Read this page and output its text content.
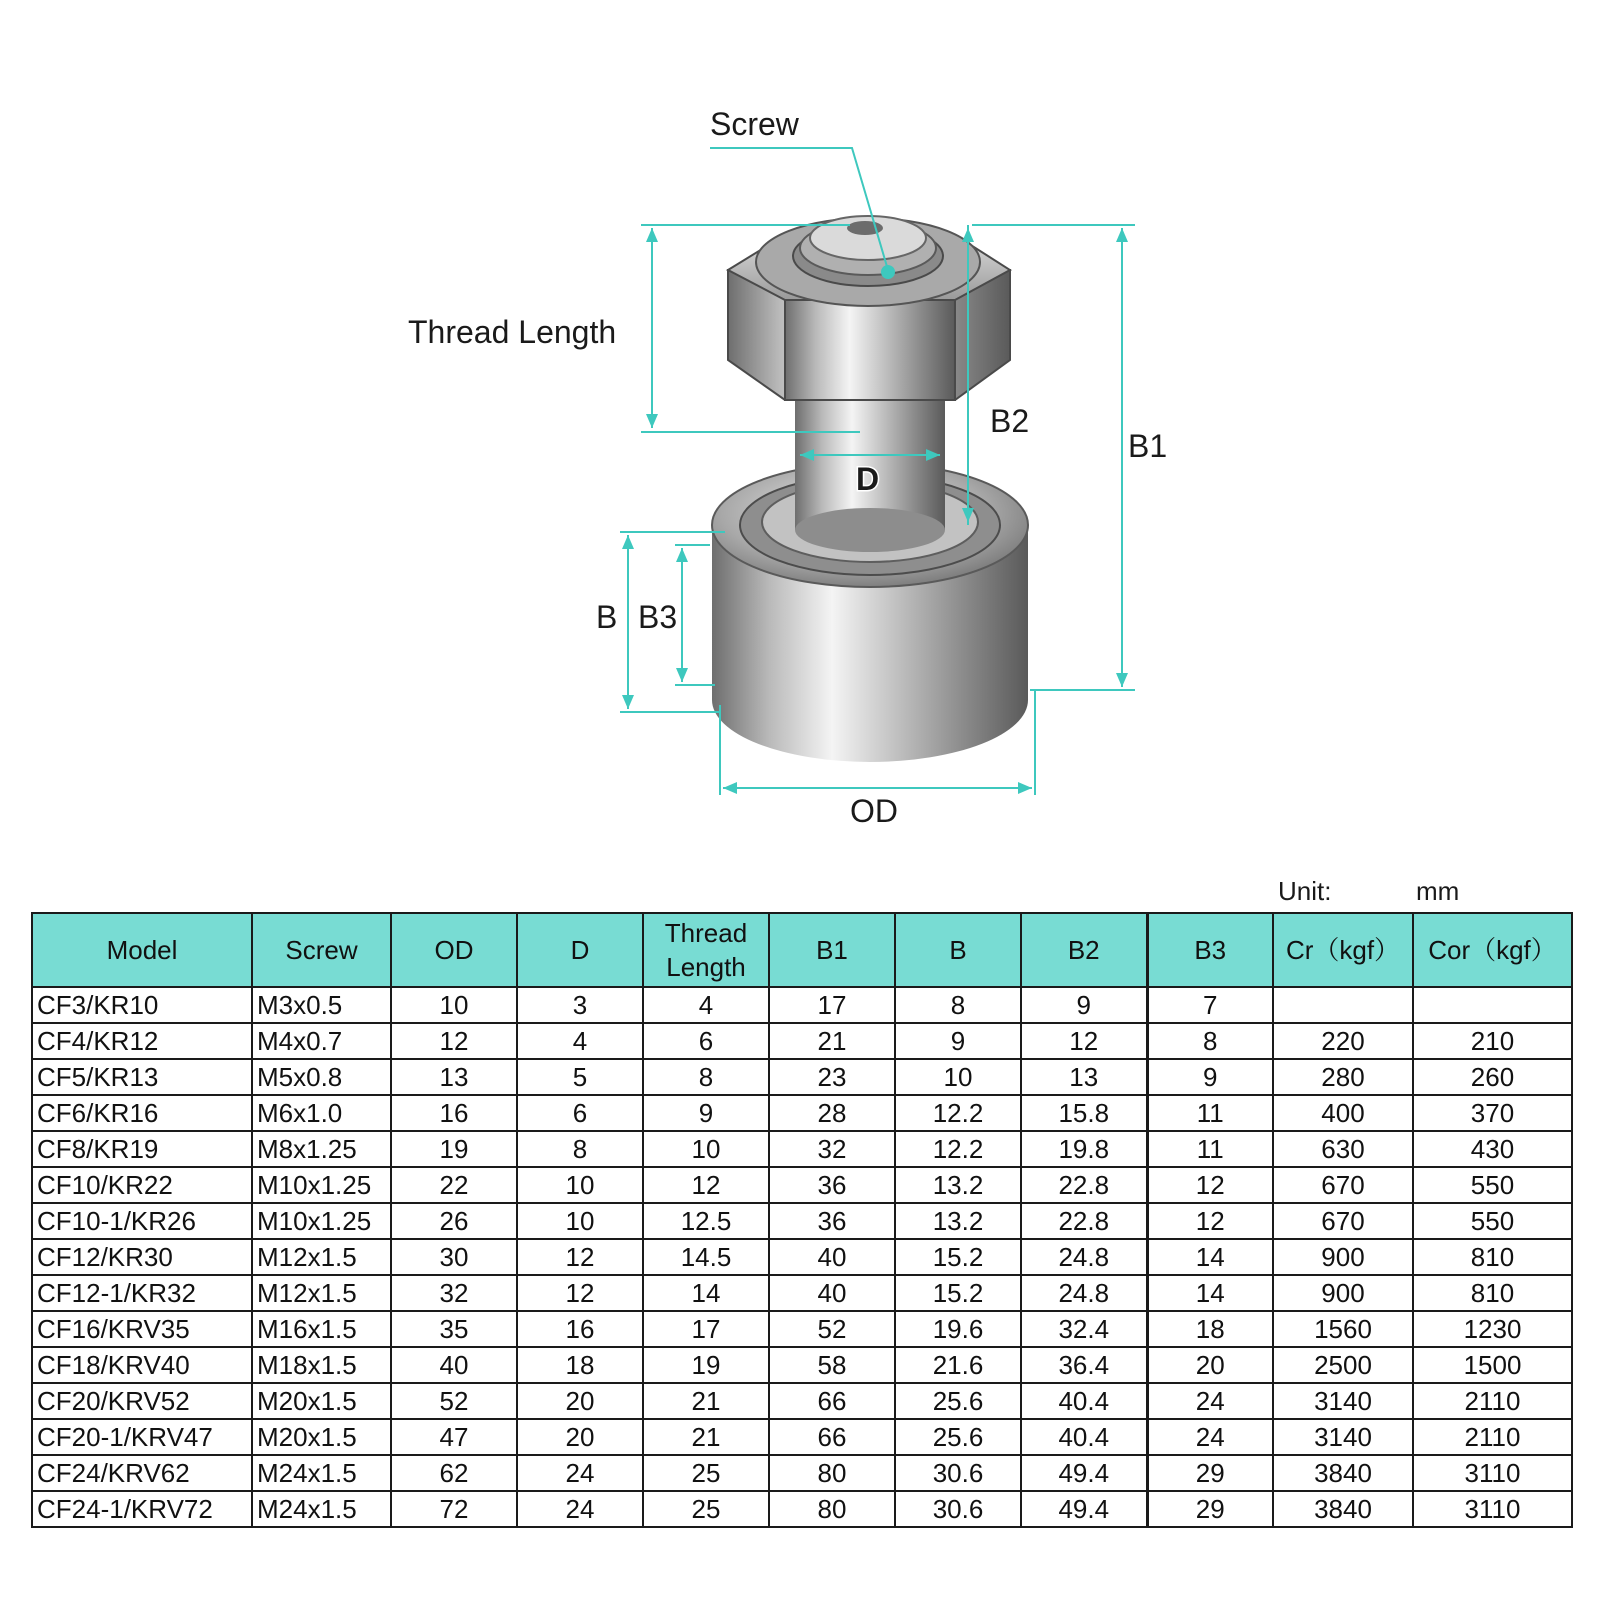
Screw
Thread Length
B2
B1
D
B B3
OD
Unit:	mm
Model	Screw	OD	D	Thread Length	B1	B	B2	B3	Cr（kgf）	Cor（kgf）
CF3/KR10	M3x0.5	10	3	4	17	8	9	7		
CF4/KR12	M4x0.7	12	4	6	21	9	12	8	220	210
CF5/KR13	M5x0.8	13	5	8	23	10	13	9	280	260
CF6/KR16	M6x1.0	16	6	9	28	12.2	15.8	11	400	370
CF8/KR19	M8x1.25	19	8	10	32	12.2	19.8	11	630	430
CF10/KR22	M10x1.25	22	10	12	36	13.2	22.8	12	670	550
CF10-1/KR26	M10x1.25	26	10	12.5	36	13.2	22.8	12	670	550
CF12/KR30	M12x1.5	30	12	14.5	40	15.2	24.8	14	900	810
CF12-1/KR32	M12x1.5	32	12	14	40	15.2	24.8	14	900	810
CF16/KRV35	M16x1.5	35	16	17	52	19.6	32.4	18	1560	1230
CF18/KRV40	M18x1.5	40	18	19	58	21.6	36.4	20	2500	1500
CF20/KRV52	M20x1.5	52	20	21	66	25.6	40.4	24	3140	2110
CF20-1/KRV47	M20x1.5	47	20	21	66	25.6	40.4	24	3140	2110
CF24/KRV62	M24x1.5	62	24	25	80	30.6	49.4	29	3840	3110
CF24-1/KRV72	M24x1.5	72	24	25	80	30.6	49.4	29	3840	3110
